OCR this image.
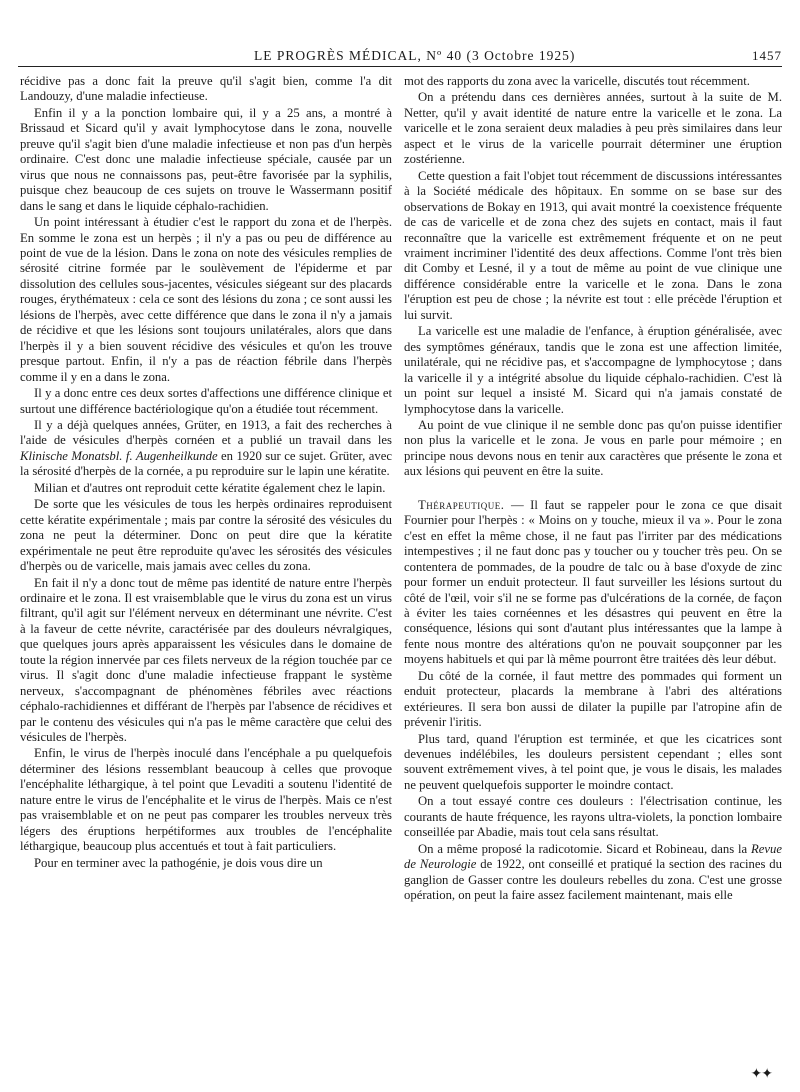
LE PROGRÈS MÉDICAL, Nº 40 (3 Octobre 1925)	1457

récidive pas a donc fait la preuve qu'il s'agit bien, comme l'a dit Landouzy, d'une maladie infectieuse.

Enfin il y a la ponction lombaire qui, il y a 25 ans, a montré à Brissaud et Sicard qu'il y avait lymphocytose dans le zona, nouvelle preuve qu'il s'agit bien d'une maladie infectieuse et non pas d'un herpès ordinaire. C'est donc une maladie infectieuse spéciale, causée par un virus que nous ne connaissons pas, peut-être favorisée par la syphilis, puisque chez beaucoup de ces sujets on trouve le Wassermann positif dans le sang et dans le liquide céphalo-rachidien.

Un point intéressant à étudier c'est le rapport du zona et de l'herpès. En somme le zona est un herpès ; il n'y a pas ou peu de différence au point de vue de la lésion. Dans le zona on note des vésicules remplies de sérosité citrine formée par le soulèvement de l'épiderme et par dissolution des cellules sous-jacentes, vésicules siégeant sur des placards rouges, érythémateux : cela ce sont des lésions du zona ; ce sont aussi les lésions de l'herpès, avec cette différence que dans le zona il n'y a jamais de récidive et que les lésions sont toujours unilatérales, alors que dans l'herpès il y a bien souvent récidive des vésicules et qu'on les trouve presque partout. Enfin, il n'y a pas de réaction fébrile dans l'herpès comme il y en a dans le zona.

Il y a donc entre ces deux sortes d'affections une différence clinique et surtout une différence bactériologique qu'on a étudiée tout récemment.

Il y a déjà quelques années, Grüter, en 1913, a fait des recherches à l'aide de vésicules d'herpès cornéen et a publié un travail dans les Klinische Monatsbl. f. Augenheilkunde en 1920 sur ce sujet. Grüter, avec la sérosité d'herpès de la cornée, a pu reproduire sur le lapin une kératite.

Milian et d'autres ont reproduit cette kératite également chez le lapin.

De sorte que les vésicules de tous les herpès ordinaires reproduisent cette kératite expérimentale ; mais par contre la sérosité des vésicules du zona ne peut la déterminer. Donc on peut dire que la kératite expérimentale ne peut être reproduite qu'avec les sérosités des vésicules d'herpès ou de varicelle, mais jamais avec celles du zona.

En fait il n'y a donc tout de même pas identité de nature entre l'herpès ordinaire et le zona. Il est vraisemblable que le virus du zona est un virus filtrant, qu'il agit sur l'élément nerveux en déterminant une névrite. C'est à la faveur de cette névrite, caractérisée par des douleurs névralgiques, que quelques jours après apparaissent les vésicules dans le domaine de toute la région innervée par ces filets nerveux de la région touchée par ce virus. Il s'agit donc d'une maladie infectieuse frappant le système nerveux, s'accompagnant de phénomènes fébriles avec réactions céphalo-rachidiennes et différant de l'herpès par l'absence de récidives et par le contenu des vésicules qui n'a pas le même caractère que celui des vésicules de l'herpès.

Enfin, le virus de l'herpès inoculé dans l'encéphale a pu quelquefois déterminer des lésions ressemblant beaucoup à celles que provoque l'encéphalite léthargique, à tel point que Levaditi a soutenu l'identité de nature entre le virus de l'encéphalite et le virus de l'herpès. Mais ce n'est pas vraisemblable et on ne peut pas comparer les troubles nerveux très légers des éruptions herpétiformes aux troubles de l'encéphalite léthargique, beaucoup plus accentués et tout à fait particuliers.

Pour en terminer avec la pathogénie, je dois vous dire un

mot des rapports du zona avec la varicelle, discutés tout récemment.

On a prétendu dans ces dernières années, surtout à la suite de M. Netter, qu'il y avait identité de nature entre la varicelle et le zona. La varicelle et le zona seraient deux maladies à peu près similaires dans leur aspect et le virus de la varicelle pourrait déterminer une éruption zostérienne.

Cette question a fait l'objet tout récemment de discussions intéressantes à la Société médicale des hôpitaux. En somme on se base sur des observations de Bokay en 1913, qui avait montré la coexistence fréquente de cas de varicelle et de zona chez des sujets en contact, mais il faut reconnaître que la varicelle est extrêmement fréquente et on ne peut vraiment incriminer l'identité des deux affections. Comme l'ont très bien dit Comby et Lesné, il y a tout de même au point de vue clinique une différence considérable entre la varicelle et le zona. Dans le zona l'éruption est peu de chose ; la névrite est tout : elle précède l'éruption et lui survit.

La varicelle est une maladie de l'enfance, à éruption généralisée, avec des symptômes généraux, tandis que le zona est une affection limitée, unilatérale, qui ne récidive pas, et s'accompagne de lymphocytose ; dans la varicelle il y a intégrité absolue du liquide céphalo-rachidien. C'est là un point sur lequel a insisté M. Sicard qui n'a jamais constaté de lymphocytose dans la varicelle.

Au point de vue clinique il ne semble donc pas qu'on puisse identifier non plus la varicelle et le zona. Je vous en parle pour mémoire ; en principe nous devons nous en tenir aux caractères que présente le zona et aux lésions qui peuvent en être la suite.

Thérapeutique. — Il faut se rappeler pour le zona ce que disait Fournier pour l'herpès : « Moins on y touche, mieux il va ». Pour le zona c'est en effet la même chose, il ne faut pas l'irriter par des médications intempestives ; il ne faut donc pas y toucher ou y toucher très peu. On se contentera de pommades, de la poudre de talc ou à base d'oxyde de zinc pour former un enduit protecteur. Il faut surveiller les lésions surtout du côté de l'œil, voir s'il ne se forme pas d'ulcérations de la cornée, de façon à éviter les taies cornéennes et les désastres qui peuvent en être la conséquence, lésions qui sont d'autant plus intéressantes que la lampe à fente nous montre des altérations qu'on ne pouvait soupçonner par les moyens habituels et qui par là même pourront être traitées dès leur début.

Du côté de la cornée, il faut mettre des pommades qui forment un enduit protecteur, placards la membrane à l'abri des altérations extérieures. Il sera bon aussi de dilater la pupille par l'atropine afin de prévenir l'iritis.

Plus tard, quand l'éruption est terminée, et que les cicatrices sont devenues indélébiles, les douleurs persistent cependant ; elles sont souvent extrêmement vives, à tel point que, je vous le disais, les malades ne peuvent quelquefois supporter le moindre contact.

On a tout essayé contre ces douleurs : l'électrisation continue, les courants de haute fréquence, les rayons ultra-violets, la ponction lombaire conseillée par Abadie, mais tout cela sans résultat.

On a même proposé la radicotomie. Sicard et Robineau, dans la Revue de Neurologie de 1922, ont conseillé et pratiqué la section des racines du ganglion de Gasser contre les douleurs rebelles du zona. C'est une grosse opération, on peut la faire assez facilement maintenant, mais elle

✦✦
